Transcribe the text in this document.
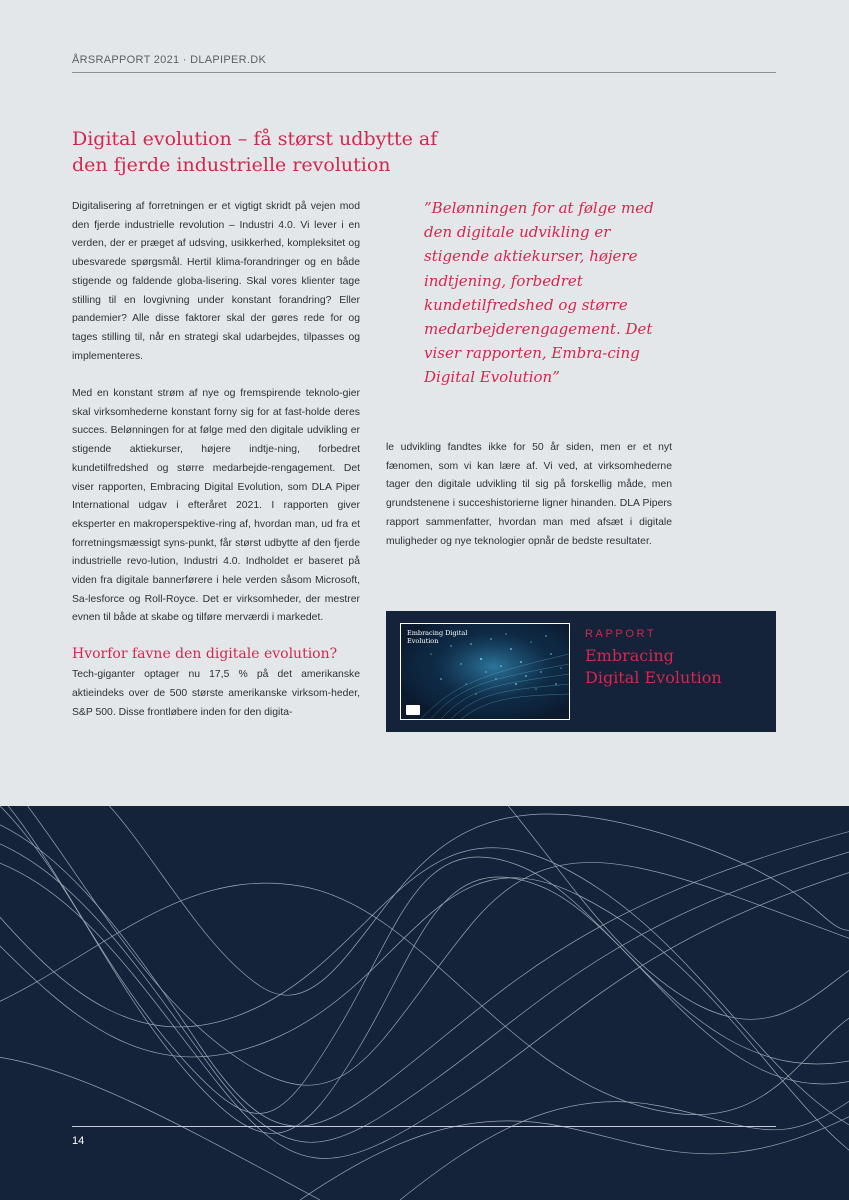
ÅRSRAPPORT 2021 · DLAPIPER.DK
Digital evolution – få størst udbytte af
den fjerde industrielle revolution

Digitalisering af forretningen er et vigtigt skridt på vejen mod den fjerde industrielle revolution – Industri 4.0. Vi lever i en verden, der er præget af udsving, usikkerhed, kompleksitet og ubesvarede spørgsmål. Hertil klima-forandringer og en både stigende og faldende globa-lisering. Skal vores klienter tage stilling til en lovgivning under konstant forandring? Eller pandemier? Alle disse faktorer skal der gøres rede for og tages stilling til, når en strategi skal udarbejdes, tilpasses og implementeres.

Med en konstant strøm af nye og fremspirende teknolo-gier skal virksomhederne konstant forny sig for at fast-holde deres succes. Belønningen for at følge med den digitale udvikling er stigende aktiekurser, højere indtje-ning, forbedret kundetilfredshed og større medarbejde-rengagement. Det viser rapporten, Embracing Digital Evolution, som DLA Piper International udgav i efteråret 2021. I rapporten giver eksperter en makroperspektive-ring af, hvordan man, ud fra et forretningsmæssigt syns-punkt, får størst udbytte af den fjerde industrielle revo-lution, Industri 4.0. Indholdet er baseret på viden fra digitale bannerførere i hele verden såsom Microsoft, Sa-lesforce og Roll-Royce. Det er virksomheder, der mestrer evnen til både at skabe og tilføre merværdi i markedet.

Hvorfor favne den digitale evolution?

Tech-giganter optager nu 17,5 % på det amerikanske aktieindeks over de 500 største amerikanske virksom-heder, S&P 500. Disse frontløbere inden for den digita-

”Belønningen for at følge med den digitale udvikling er stigende aktiekurser, højere indtjening, forbedret kundetilfredshed og større medarbejderengagement. Det viser rapporten, Embra-cing Digital Evolution”

le udvikling fandtes ikke for 50 år siden, men er et nyt fænomen, som vi kan lære af. Vi ved, at virksomhederne tager den digitale udvikling til sig på forskellig måde, men grundstenene i succeshistorierne ligner hinanden. DLA Pipers rapport sammenfatter, hvordan man med afsæt i digitale muligheder og nye teknologier opnår de bedste resultater.

Embracing Digital Evolution
RAPPORT
Embracing
Digital Evolution
14
